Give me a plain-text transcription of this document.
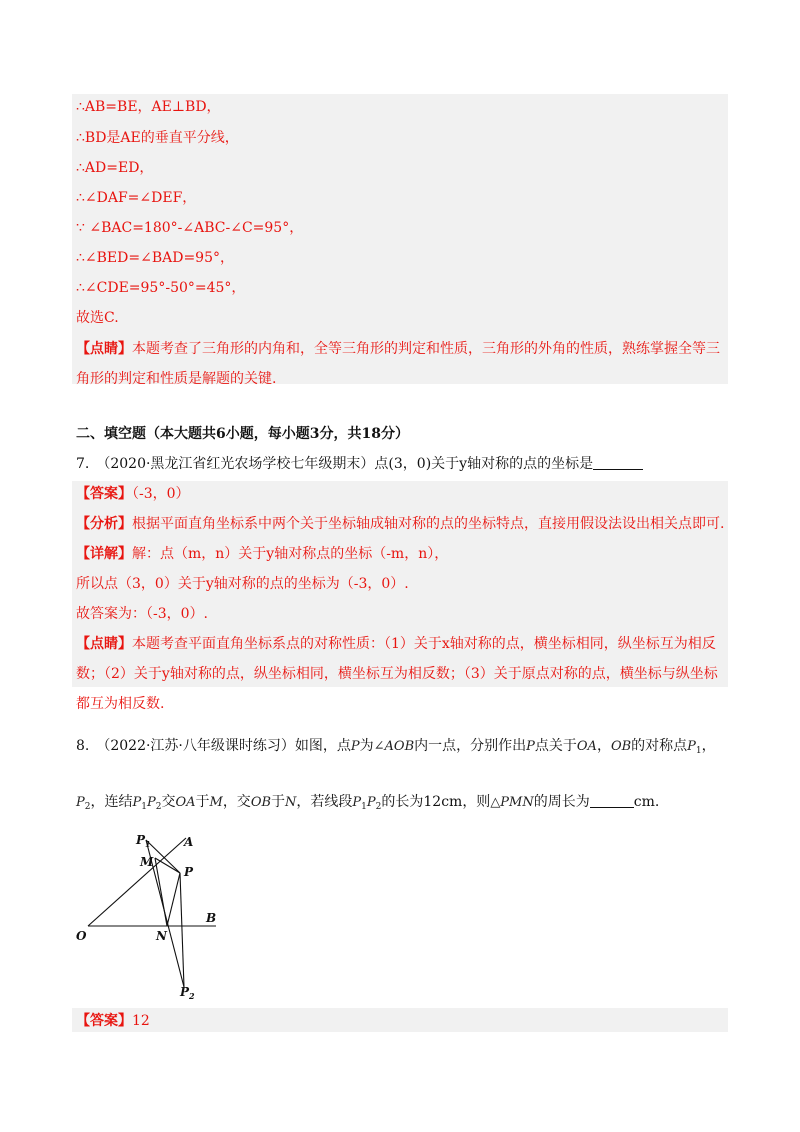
∴AB=BE，AE⊥BD，
∴BD是AE的垂直平分线，
∴AD=ED，
∴∠DAF=∠DEF，
∵ ∠BAC=180°-∠ABC-∠C=95°，
∴∠BED=∠BAD=95°，
∴∠CDE=95°-50°=45°，
故选C.
【点睛】本题考查了三角形的内角和，全等三角形的判定和性质，三角形的外角的性质，熟练掌握全等三角形的判定和性质是解题的关键.
二、填空题（本大题共6小题，每小题3分，共18分）
7.　（2020·黑龙江省红光农场学校七年级期末）点(3，0)关于y轴对称的点的坐标是
【答案】（-3，0）
【分析】根据平面直角坐标系中两个关于坐标轴成轴对称的点的坐标特点，直接用假设法设出相关点即可.
【详解】解：点（m，n）关于y轴对称点的坐标（-m，n），
所以点（3，0）关于y轴对称的点的坐标为（-3，0）.
故答案为：（-3，0）.
【点睛】本题考查平面直角坐标系点的对称性质：（1）关于x轴对称的点，横坐标相同，纵坐标互为相反数；（2）关于y轴对称的点，纵坐标相同，横坐标互为相反数；（3）关于原点对称的点，横坐标与纵坐标都互为相反数.
8.　（2022·江苏·八年级课时练习）如图，点P为∠AOB内一点，分别作出P点关于OA，OB的对称点$P_1$，
$P_2$，连结$P_1P_2$交OA于M，交OB于N，若线段$P_1P_2$的长为12cm，则△PMN的周长为	cm.
$P_1$	A
M
P
B
O	N
$P_2$
【答案】12
